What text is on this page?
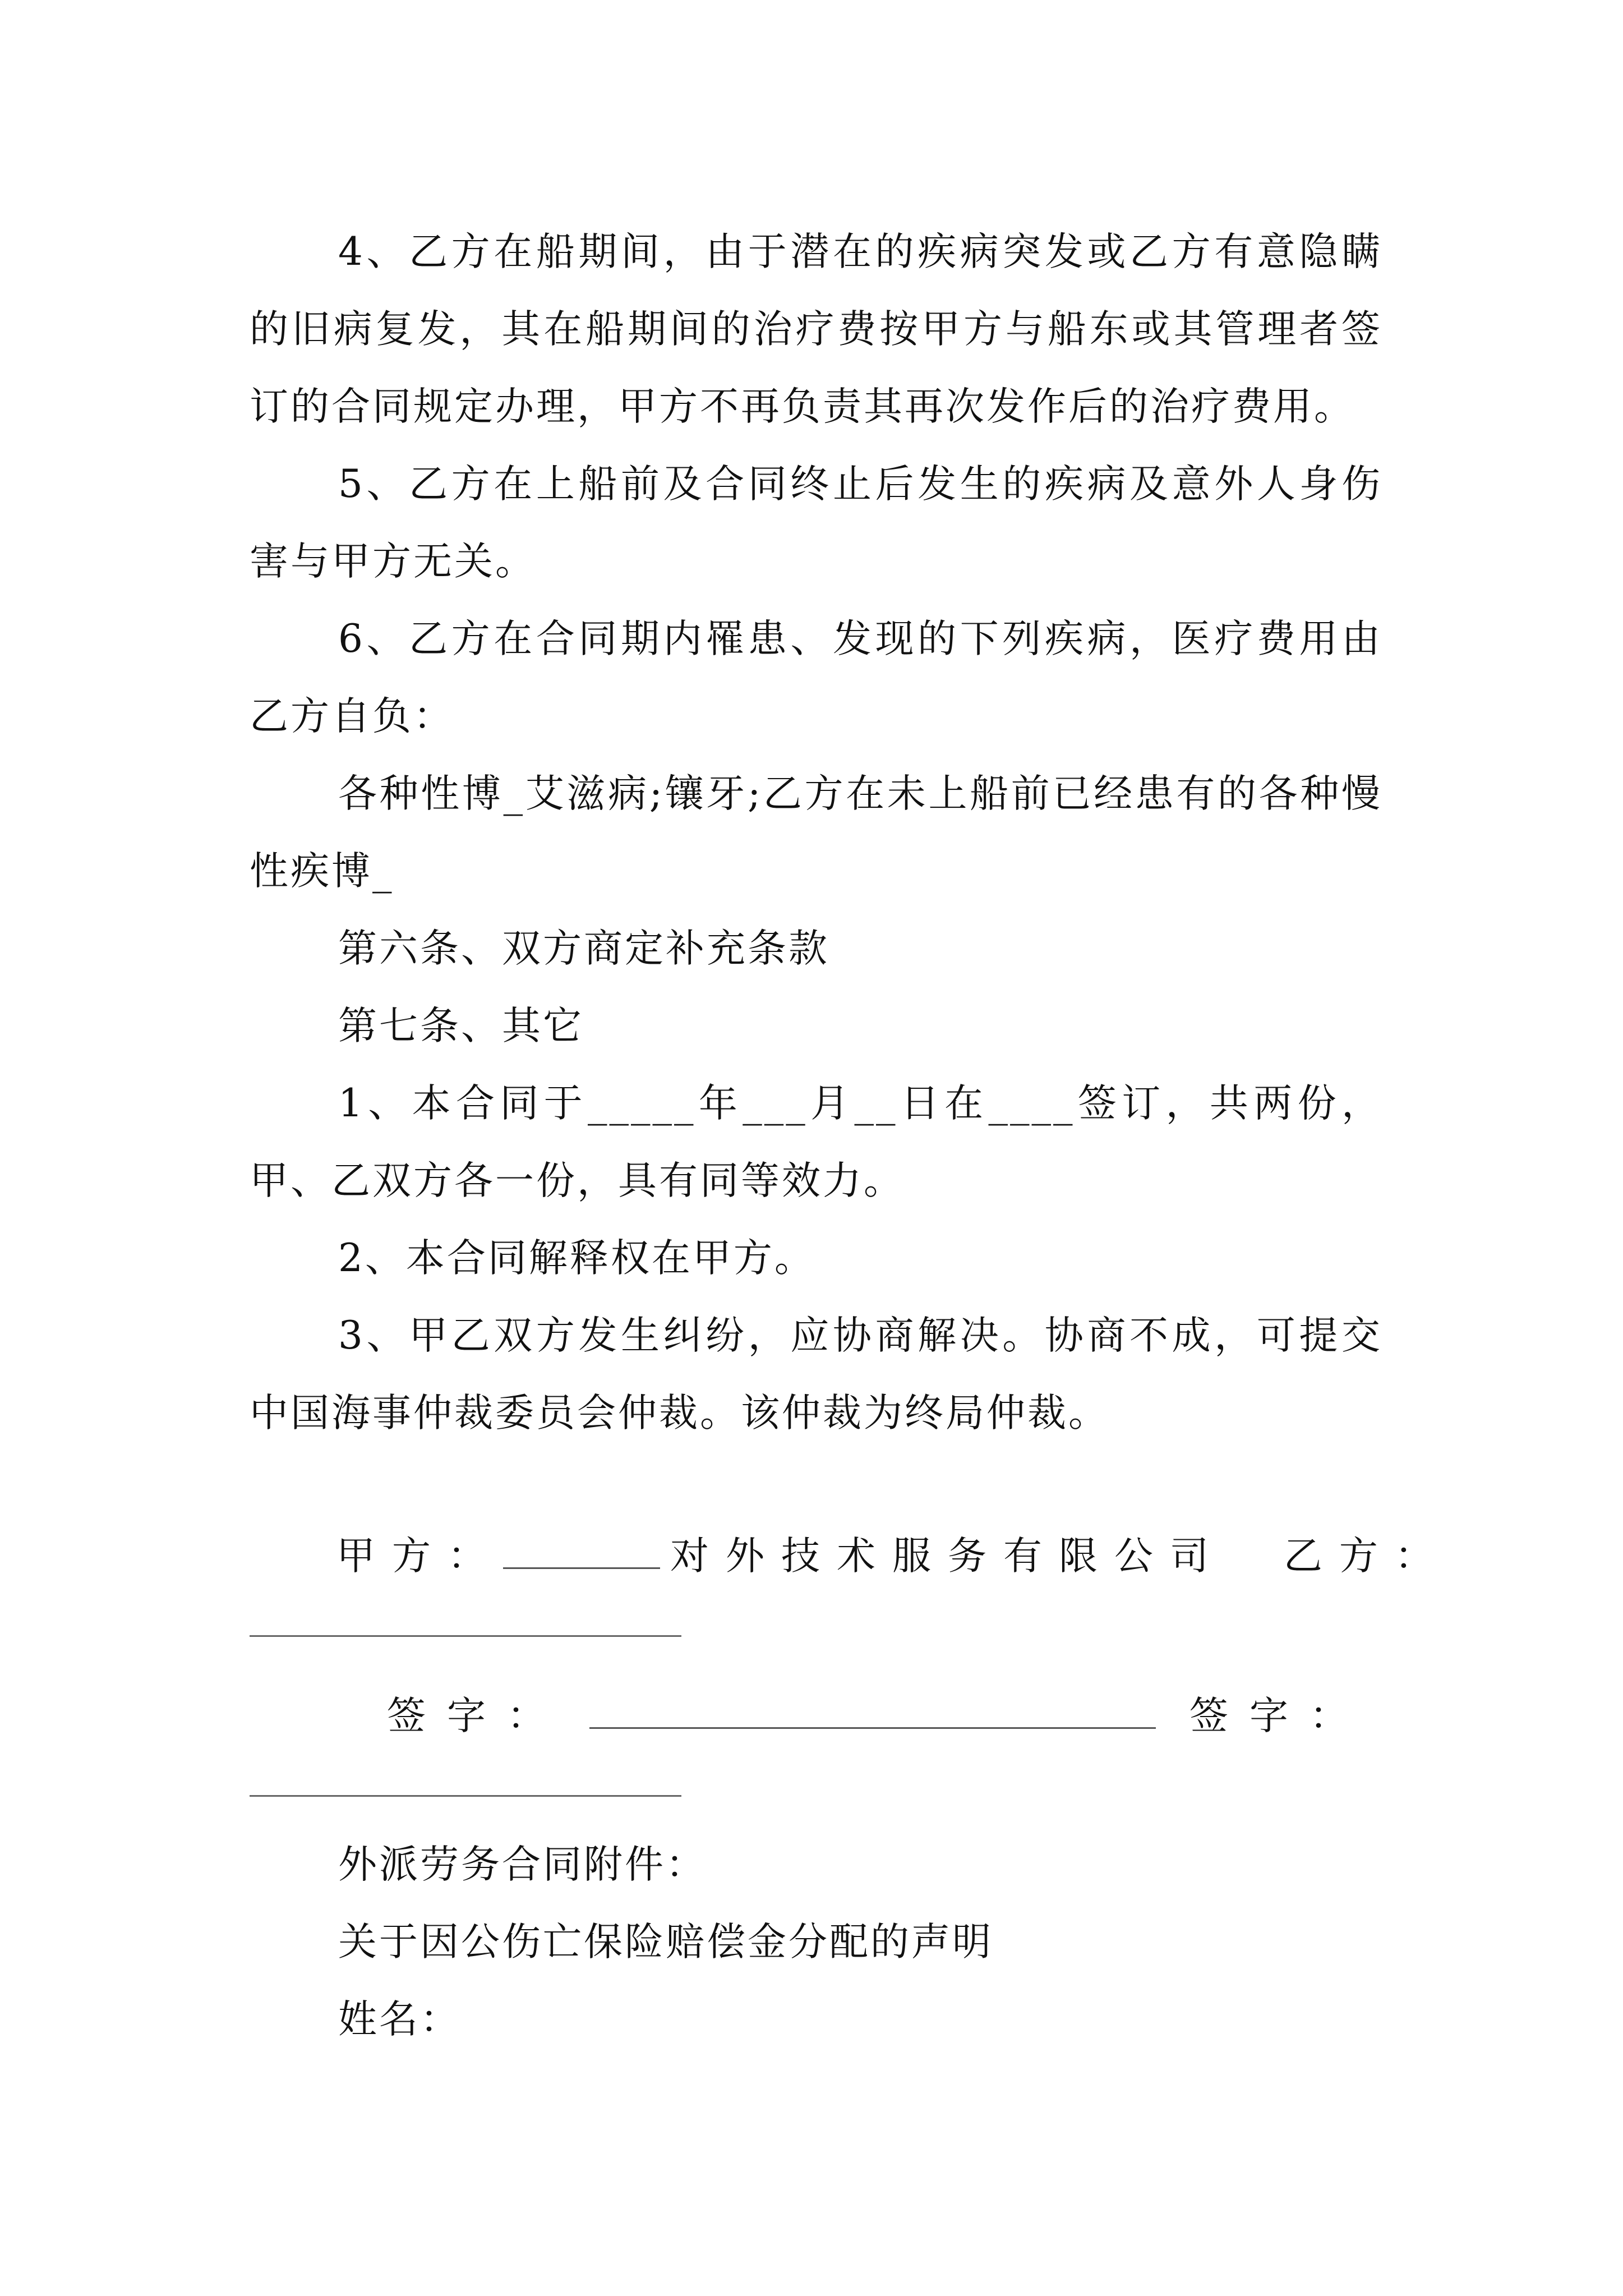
4、乙方在船期间，由于潜在的疾病突发或乙方有意隐瞒的旧病复发，其在船期间的治疗费按甲方与船东或其管理者签订的合同规定办理，甲方不再负责其再次发作后的治疗费用。

5、乙方在上船前及合同终止后发生的疾病及意外人身伤害与甲方无关。

6、乙方在合同期内罹患、发现的下列疾病，医疗费用由乙方自负：

各种性博_艾滋病;镶牙;乙方在未上船前已经患有的各种慢性疾博_

第六条、双方商定补充条款

第七条、其它

1、本合同于_____年___月__日在____签订，共两份，甲、乙双方各一份，具有同等效力。

2、本合同解释权在甲方。

3、甲乙双方发生纠纷，应协商解决。协商不成，可提交中国海事仲裁委员会仲裁。该仲裁为终局仲裁。

甲方：	对外技术服务有限公司 乙方：
签字：	签字：

外派劳务合同附件：

关于因公伤亡保险赔偿金分配的声明

姓名：
